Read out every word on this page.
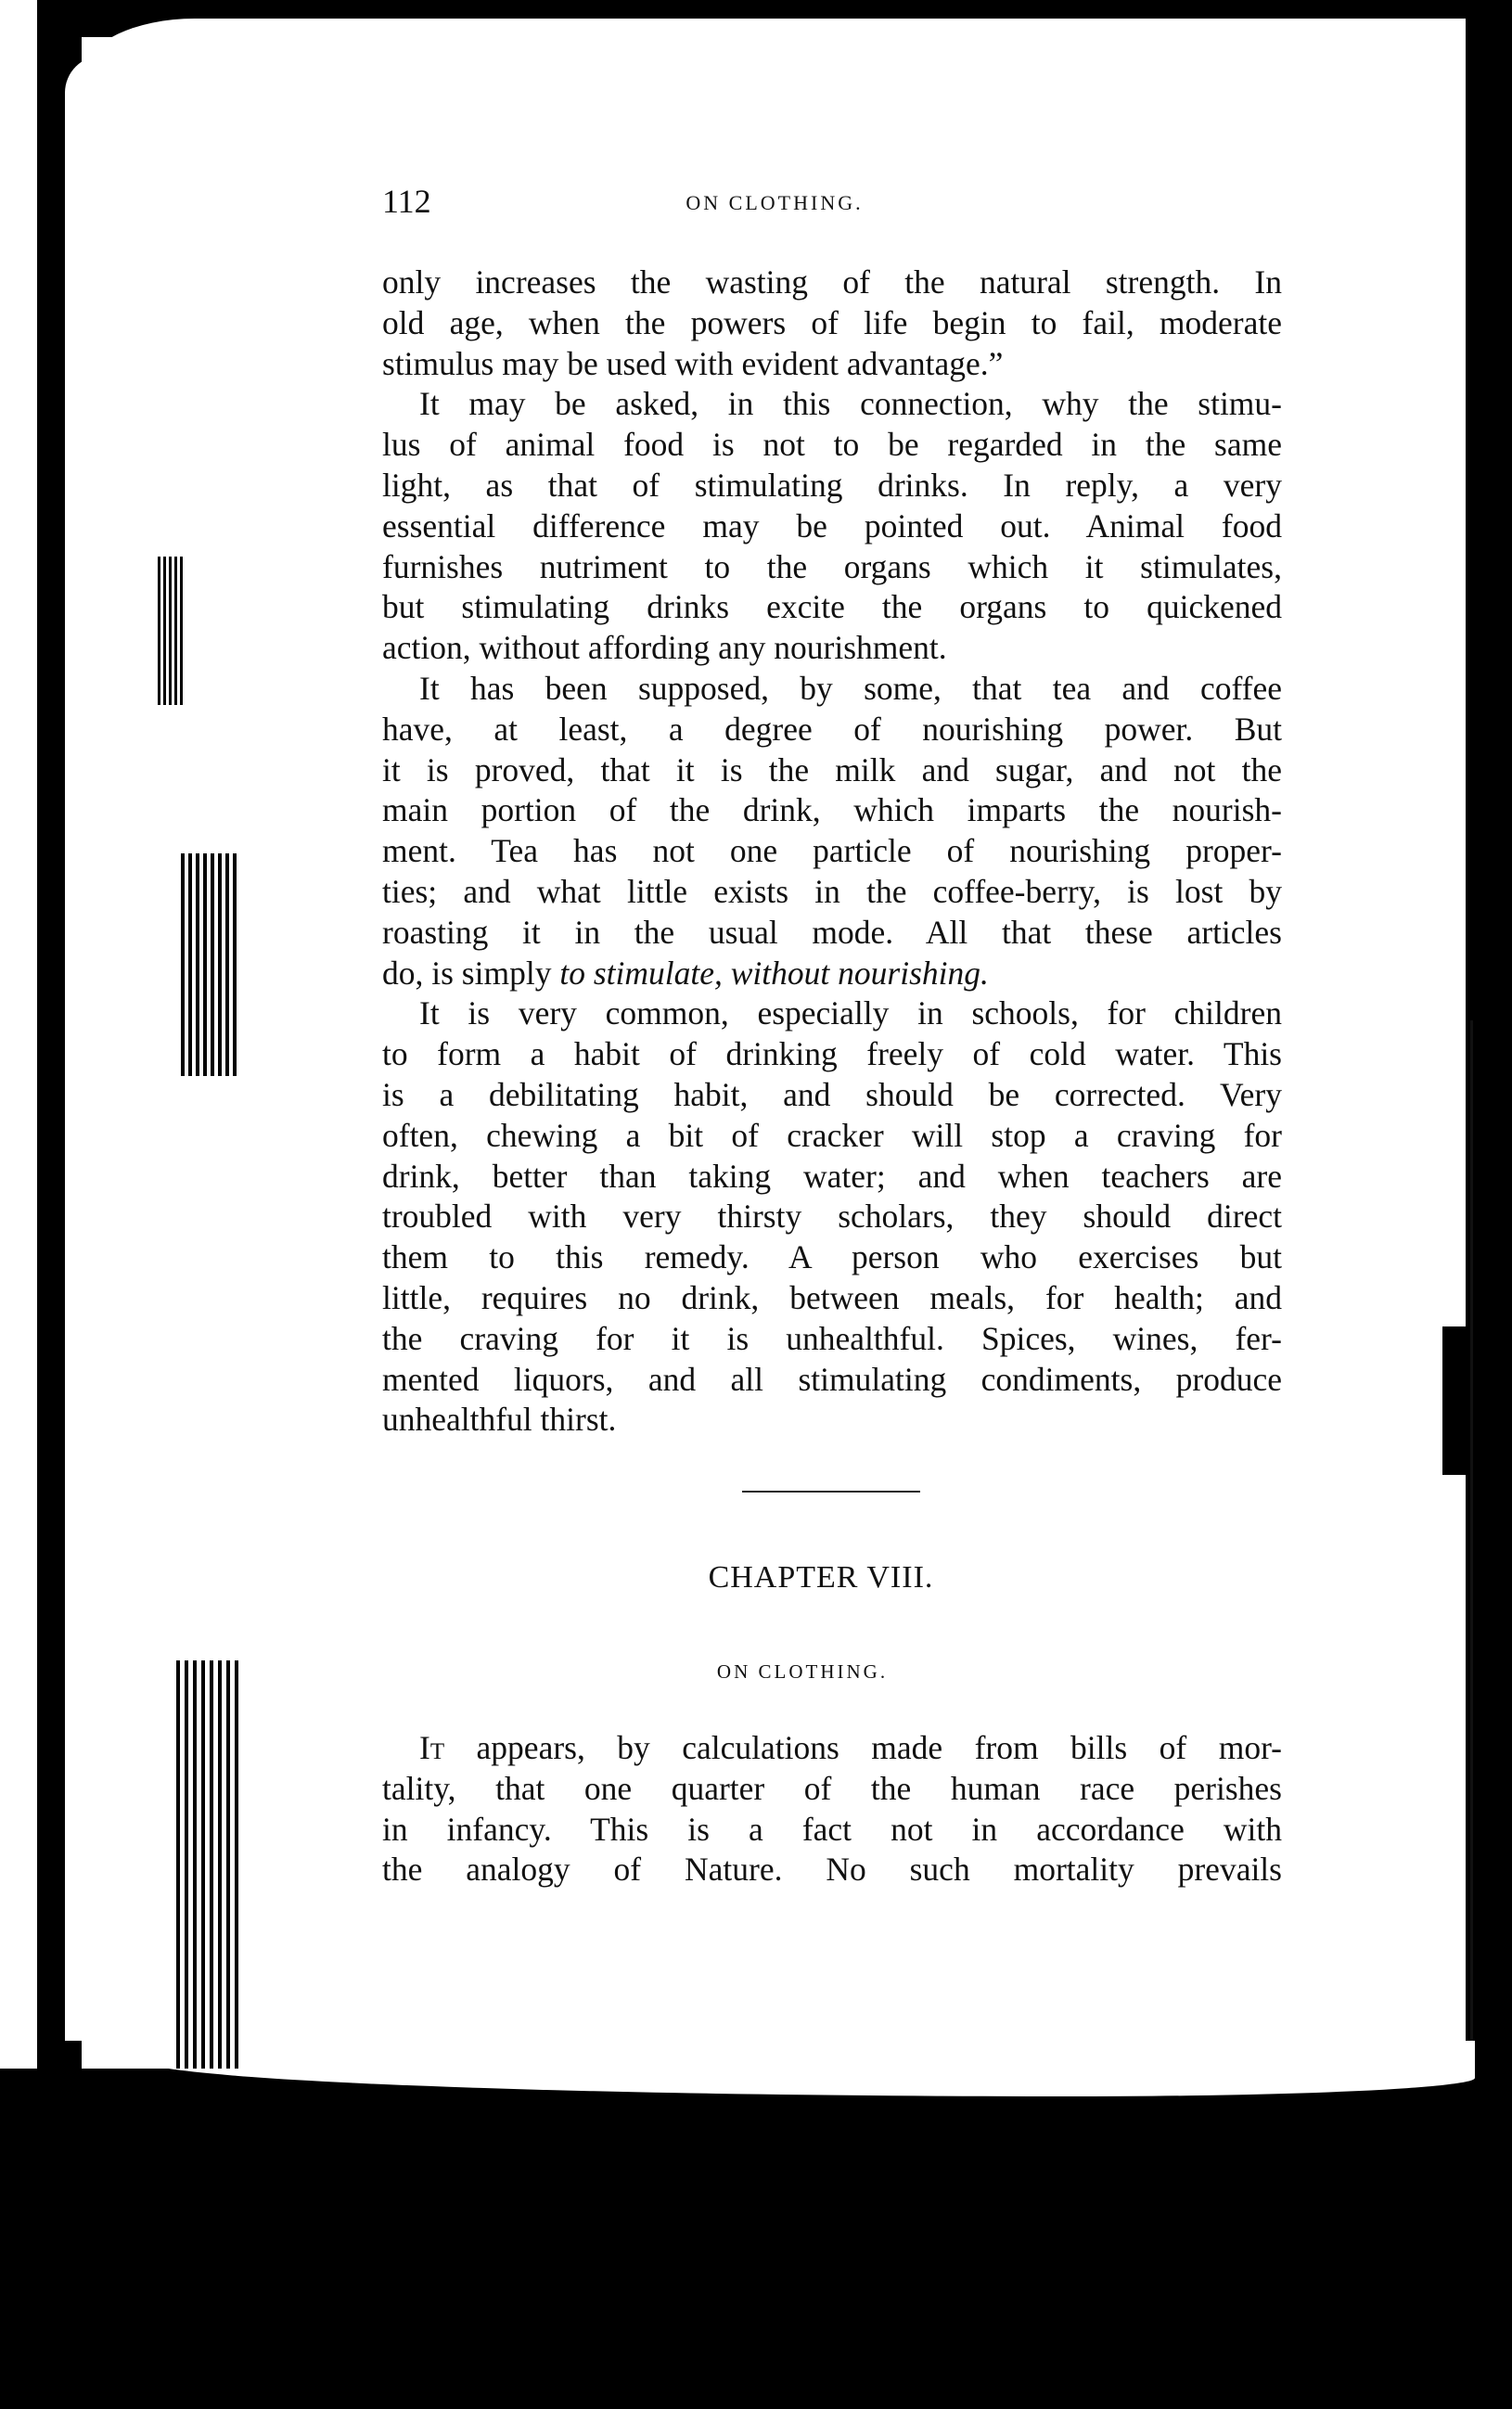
112	ON CLOTHING.

only increases the wasting of the natural strength. In

old age, when the powers of life begin to fail, moderate

stimulus may be used with evident advantage.”

It may be asked, in this connection, why the stimu-

lus of animal food is not to be regarded in the same

light, as that of stimulating drinks. In reply, a very

essential difference may be pointed out. Animal food

furnishes nutriment to the organs which it stimulates,

but stimulating drinks excite the organs to quickened

action, without affording any nourishment.

It has been supposed, by some, that tea and coffee

have, at least, a degree of nourishing power. But

it is proved, that it is the milk and sugar, and not the

main portion of the drink, which imparts the nourish-

ment. Tea has not one particle of nourishing proper-

ties; and what little exists in the coffee-berry, is lost by

roasting it in the usual mode. All that these articles

do, is simply to stimulate, without nourishing.

It is very common, especially in schools, for children

to form a habit of drinking freely of cold water. This

is a debilitating habit, and should be corrected. Very

often, chewing a bit of cracker will stop a craving for

drink, better than taking water; and when teachers are

troubled with very thirsty scholars, they should direct

them to this remedy. A person who exercises but

little, requires no drink, between meals, for health; and

the craving for it is unhealthful. Spices, wines, fer-

mented liquors, and all stimulating condiments, produce

unhealthful thirst.

CHAPTER VIII.
ON CLOTHING.

It appears, by calculations made from bills of mor-

tality, that one quarter of the human race perishes

in infancy. This is a fact not in accordance with

the analogy of Nature. No such mortality prevails
